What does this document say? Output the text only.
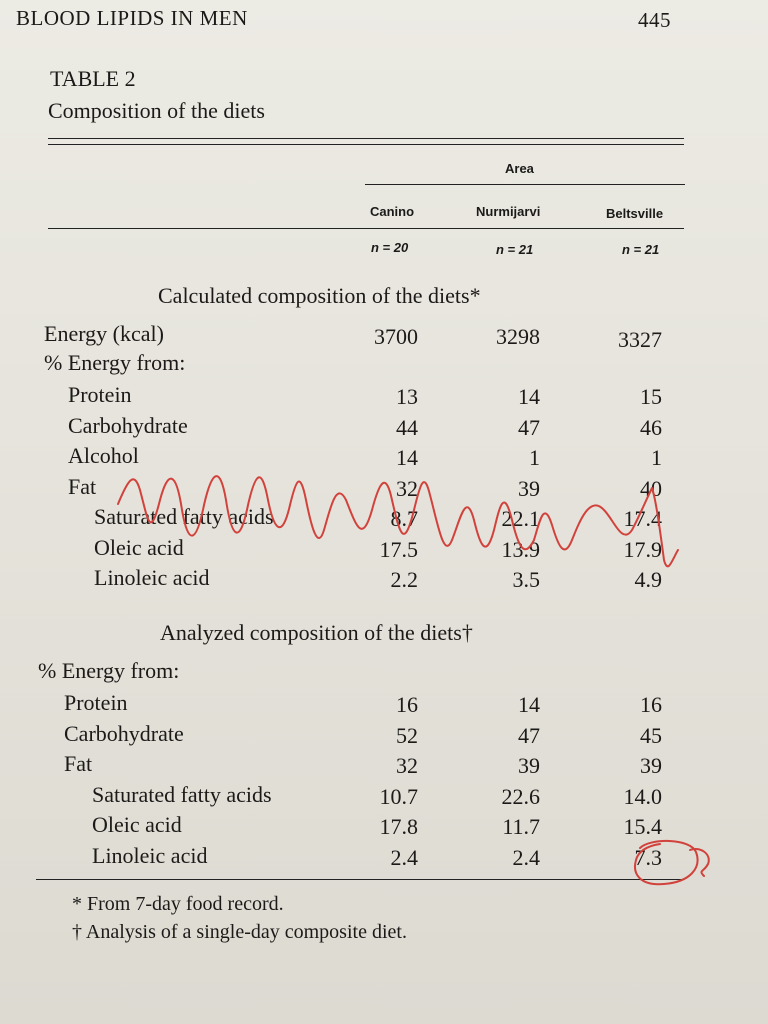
BLOOD LIPIDS IN MEN	445
TABLE 2
Composition of the diets
Area
Canino	Nurmijarvi	Beltsville
n = 20	n = 21	n = 21
Calculated composition of the diets*
Energy (kcal)	3700	3298	3327
% Energy from:
Protein	13	14	15
Carbohydrate	44	47	46
Alcohol	14	1	1
Fat	32	39	40
Saturated fatty acids	8.7	22.1	17.4
Oleic acid	17.5	13.9	17.9
Linoleic acid	2.2	3.5	4.9
Analyzed composition of the diets†
% Energy from:
Protein	16	14	16
Carbohydrate	52	47	45
Fat	32	39	39
Saturated fatty acids	10.7	22.6	14.0
Oleic acid	17.8	11.7	15.4
Linoleic acid	2.4	2.4	7.3
* From 7-day food record.
† Analysis of a single-day composite diet.
